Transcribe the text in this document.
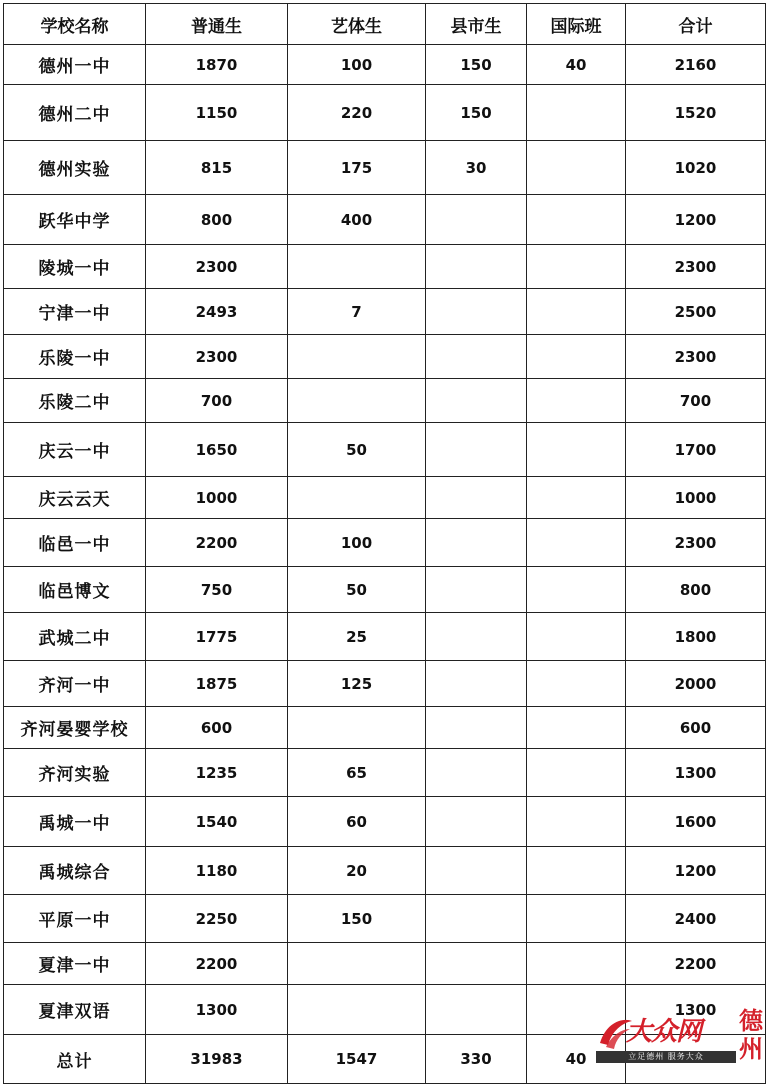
学校名称	普通生	艺体生	县市生	国际班	合计
德州一中	1870	100	150	40	2160
德州二中	1150	220	150		1520
德州实验	815	175	30		1020
跃华中学	800	400			1200
陵城一中	2300				2300
宁津一中	2493	7			2500
乐陵一中	2300				2300
乐陵二中	700				700
庆云一中	1650	50			1700
庆云云天	1000				1000
临邑一中	2200	100			2300
临邑博文	750	50			800
武城二中	1775	25			1800
齐河一中	1875	125			2000
齐河晏婴学校	600				600
齐河实验	1235	65			1300
禹城一中	1540	60			1600
禹城综合	1180	20			1200
平原一中	2250	150			2400
夏津一中	2200				2200
夏津双语	1300				1300
总计	31983	1547	330	40	
大众网 德州
立足德州 服务大众
